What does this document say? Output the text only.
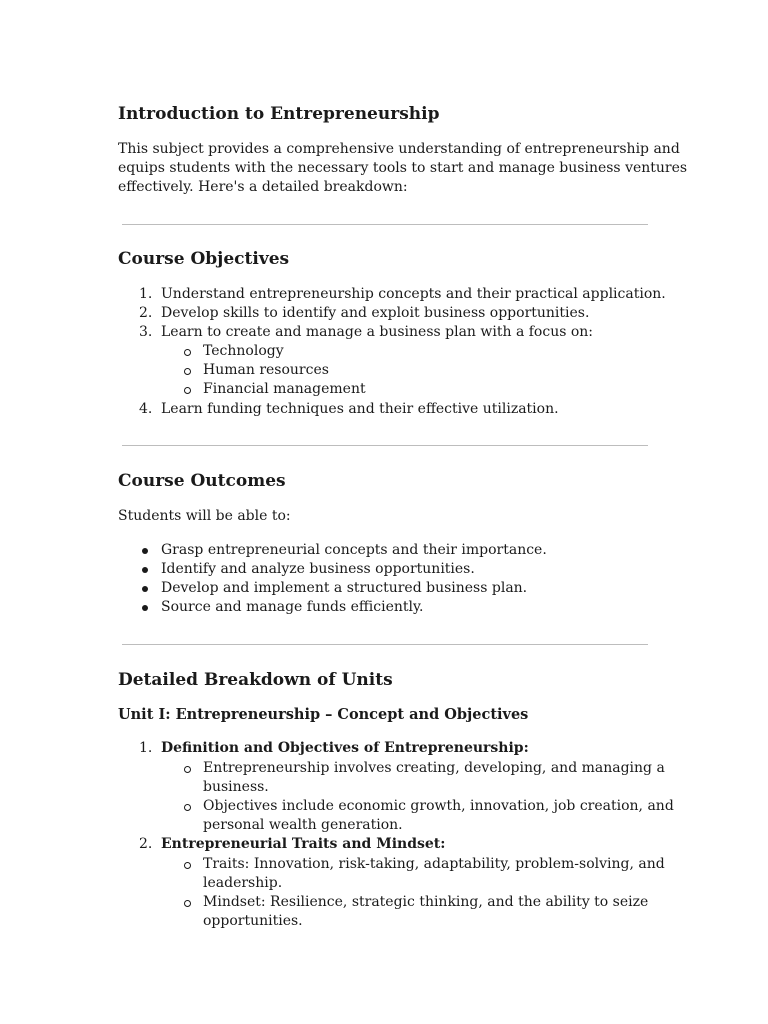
Introduction to Entrepreneurship
This subject provides a comprehensive understanding of entrepreneurship and
equips students with the necessary tools to start and manage business ventures
effectively. Here's a detailed breakdown:
Course Objectives
1. Understand entrepreneurship concepts and their practical application.
2. Develop skills to identify and exploit business opportunities.
3. Learn to create and manage a business plan with a focus on:
Technology
Human resources
Financial management
4. Learn funding techniques and their effective utilization.
Course Outcomes
Students will be able to:
Grasp entrepreneurial concepts and their importance.
Identify and analyze business opportunities.
Develop and implement a structured business plan.
Source and manage funds efficiently.
Detailed Breakdown of Units
Unit I: Entrepreneurship – Concept and Objectives
1. Definition and Objectives of Entrepreneurship:
Entrepreneurship involves creating, developing, and managing a
business.
Objectives include economic growth, innovation, job creation, and
personal wealth generation.
2. Entrepreneurial Traits and Mindset:
Traits: Innovation, risk-taking, adaptability, problem-solving, and
leadership.
Mindset: Resilience, strategic thinking, and the ability to seize
opportunities.
